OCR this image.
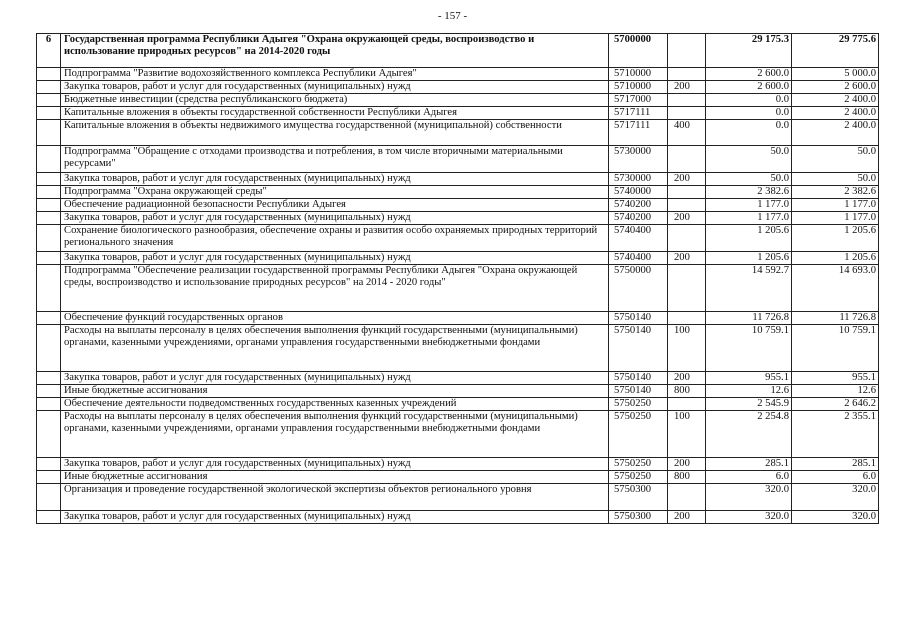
- 157 -
6	Государственная программа Республики Адыгея "Охрана окружающей среды, воспроизводство и использование природных ресурсов" на 2014-2020 годы	5700000		29 175.3	29 775.6
	Подпрограмма "Развитие водохозяйственного комплекса Республики Адыгея"	5710000		2 600.0	5 000.0
	Закупка товаров, работ и услуг для государственных (муниципальных) нужд	5710000	200	2 600.0	2 600.0
	Бюджетные инвестиции (средства республиканского бюджета)	5717000		0.0	2 400.0
	Капитальные вложения в объекты государственной собственности Республики Адыгея	5717111		0.0	2 400.0
	Капитальные вложения в объекты недвижимого имущества государственной (муниципальной) собственности	5717111	400	0.0	2 400.0
	Подпрограмма "Обращение с отходами производства и потребления, в том числе вторичными материальными ресурсами"	5730000		50.0	50.0
	Закупка товаров, работ и услуг для государственных (муниципальных) нужд	5730000	200	50.0	50.0
	Подпрограмма "Охрана окружающей среды"	5740000		2 382.6	2 382.6
	Обеспечение радиационной безопасности Республики Адыгея	5740200		1 177.0	1 177.0
	Закупка товаров, работ и услуг для государственных (муниципальных) нужд	5740200	200	1 177.0	1 177.0
	Сохранение биологического разнообразия, обеспечение охраны и развития особо охраняемых природных территорий регионального значения	5740400		1 205.6	1 205.6
	Закупка товаров, работ и услуг для государственных (муниципальных) нужд	5740400	200	1 205.6	1 205.6
	Подпрограмма "Обеспечение реализации государственной программы Республики Адыгея "Охрана окружающей среды, воспроизводство и использование природных ресурсов" на 2014 - 2020 годы"	5750000		14 592.7	14 693.0
	Обеспечение функций государственных органов	5750140		11 726.8	11 726.8
	Расходы на выплаты персоналу в целях обеспечения выполнения функций государственными (муниципальными) органами, казенными учреждениями, органами управления государственными внебюджетными фондами	5750140	100	10 759.1	10 759.1
	Закупка товаров, работ и услуг для государственных (муниципальных) нужд	5750140	200	955.1	955.1
	Иные бюджетные ассигнования	5750140	800	12.6	12.6
	Обеспечение деятельности подведомственных государственных казенных учреждений	5750250		2 545.9	2 646.2
	Расходы на выплаты персоналу в целях обеспечения выполнения функций государственными (муниципальными) органами, казенными учреждениями, органами управления государственными внебюджетными фондами	5750250	100	2 254.8	2 355.1
	Закупка товаров, работ и услуг для государственных (муниципальных) нужд	5750250	200	285.1	285.1
	Иные бюджетные ассигнования	5750250	800	6.0	6.0
	Организация и проведение государственной экологической экспертизы объектов регионального уровня	5750300		320.0	320.0
	Закупка товаров, работ и услуг для государственных (муниципальных) нужд	5750300	200	320.0	320.0
